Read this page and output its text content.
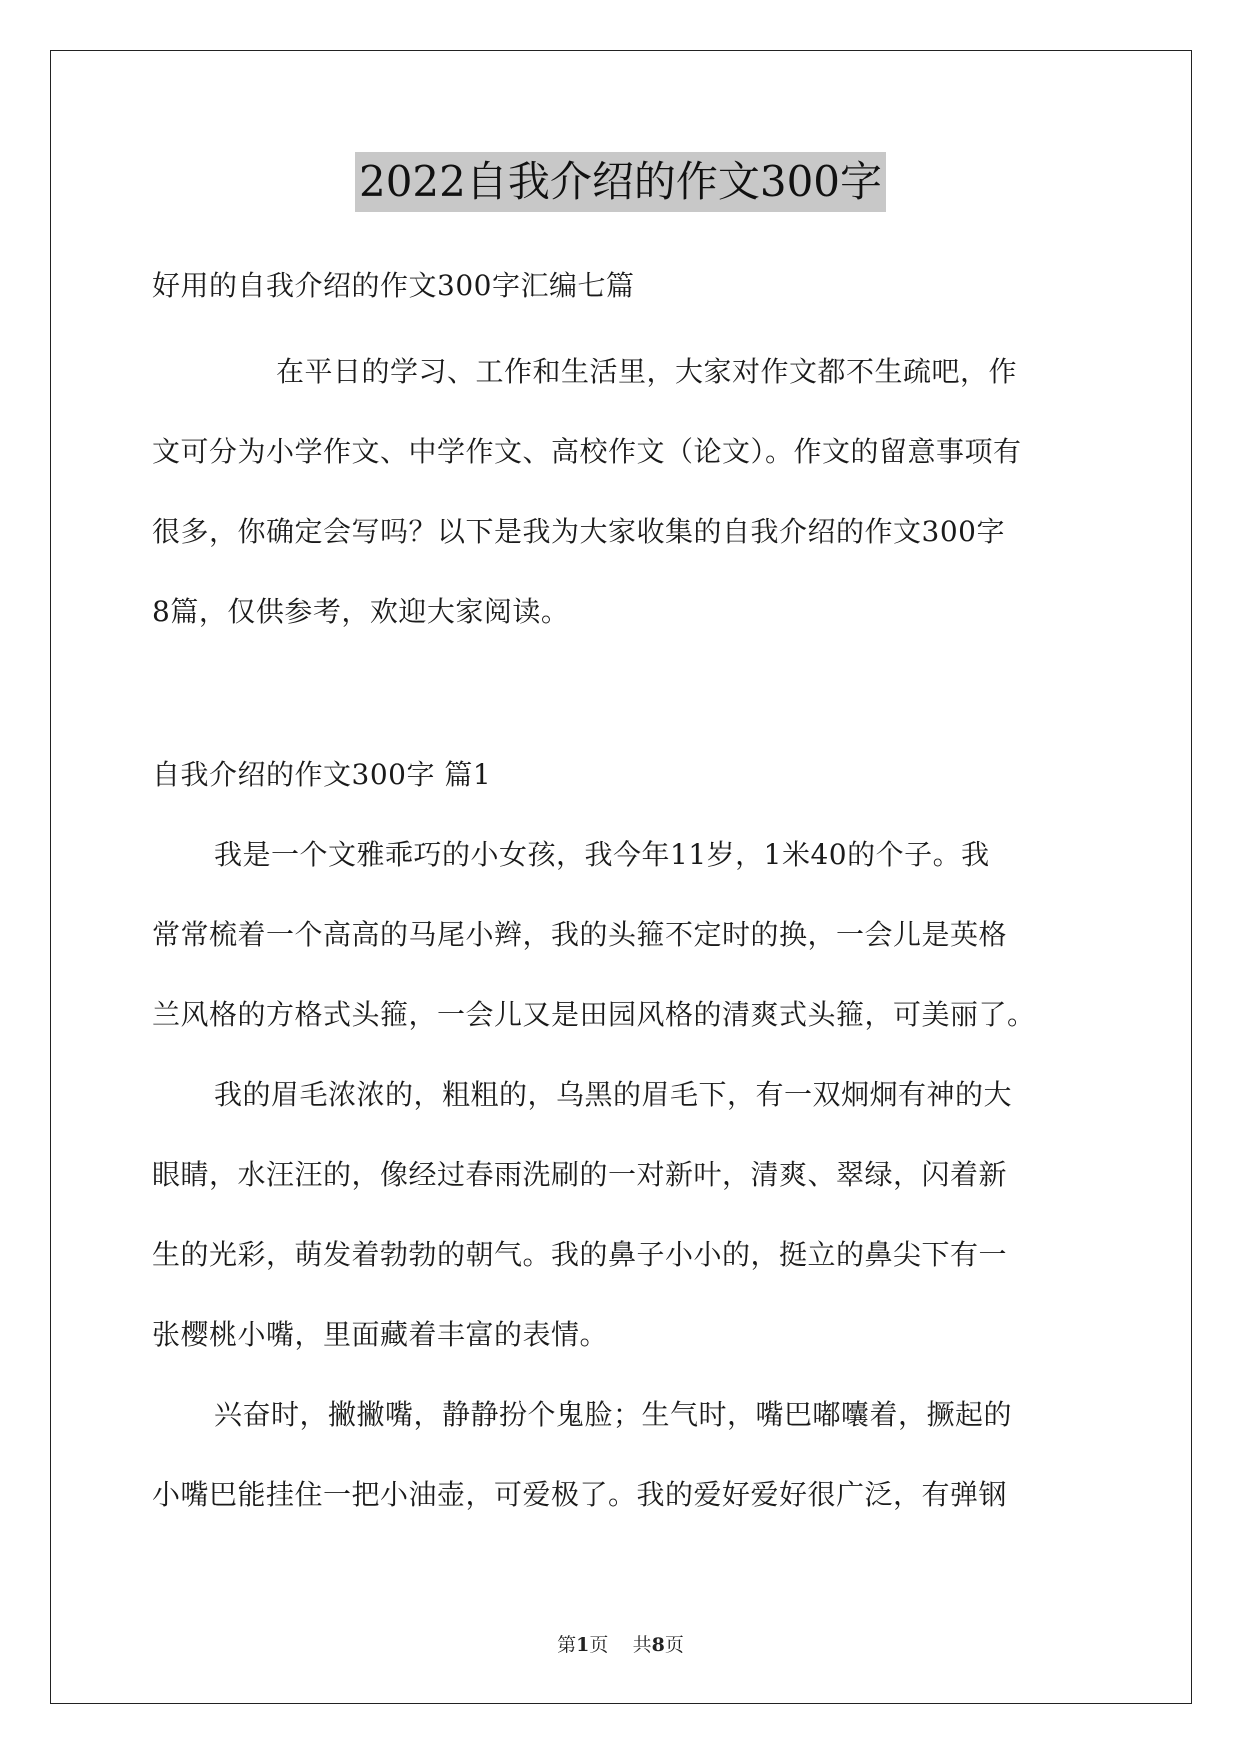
2022自我介绍的作文300字
好用的自我介绍的作文300字汇编七篇
在平日的学习、工作和生活里，大家对作文都不生疏吧，作
文可分为小学作文、中学作文、高校作文（论文）。作文的留意事项有
很多，你确定会写吗？以下是我为大家收集的自我介绍的作文300字
8篇，仅供参考，欢迎大家阅读。
自我介绍的作文300字 篇1
我是一个文雅乖巧的小女孩，我今年11岁，1米40的个子。我
常常梳着一个高高的马尾小辫，我的头箍不定时的换，一会儿是英格
兰风格的方格式头箍，一会儿又是田园风格的清爽式头箍，可美丽了。
我的眉毛浓浓的，粗粗的，乌黑的眉毛下，有一双炯炯有神的大
眼睛，水汪汪的，像经过春雨洗刷的一对新叶，清爽、翠绿，闪着新
生的光彩，萌发着勃勃的朝气。我的鼻子小小的，挺立的鼻尖下有一
张樱桃小嘴，里面藏着丰富的表情。
兴奋时，撇撇嘴，静静扮个鬼脸；生气时，嘴巴嘟囔着，撅起的
小嘴巴能挂住一把小油壶，可爱极了。我的爱好爱好很广泛，有弹钢
第1页    共8页
